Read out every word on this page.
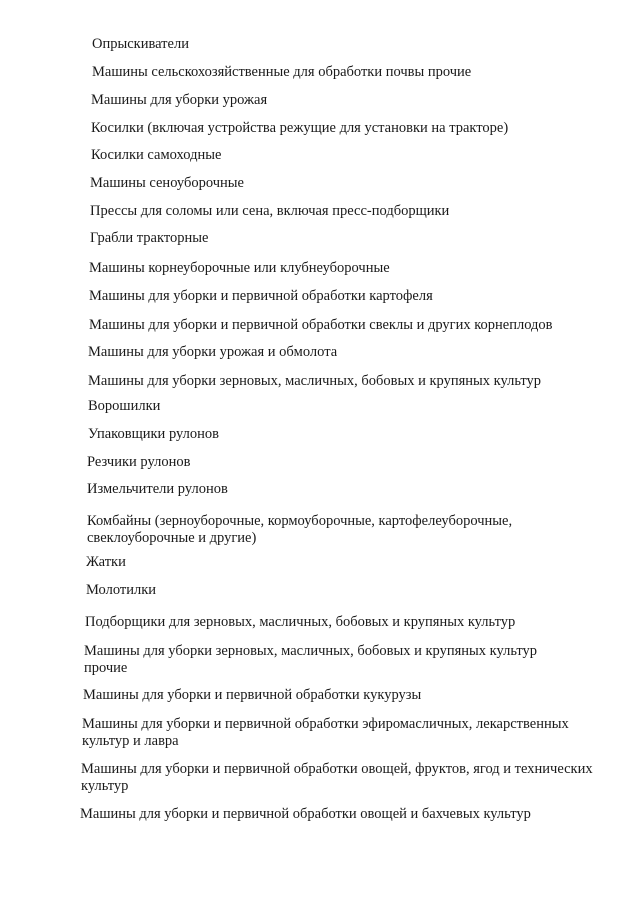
Опрыскиватели

Машины сельскохозяйственные для обработки почвы прочие

Машины для уборки урожая

Косилки (включая устройства режущие для установки на тракторе)

Косилки самоходные

Машины сеноуборочные

Прессы для соломы или сена, включая пресс-подборщики

Грабли тракторные

Машины корнеуборочные или клубнеуборочные

Машины для уборки и первичной обработки картофеля

Машины для уборки и первичной обработки свеклы и других корнеплодов

Машины для уборки урожая и обмолота

Машины для уборки зерновых, масличных, бобовых и крупяных культур

Ворошилки

Упаковщики рулонов

Резчики рулонов

Измельчители рулонов

Комбайны (зерноуборочные, кормоуборочные, картофелеуборочные, свеклоуборочные и другие)

Жатки

Молотилки

Подборщики для зерновых, масличных, бобовых и крупяных культур

Машины для уборки зерновых, масличных, бобовых и крупяных культур прочие

Машины для уборки и первичной обработки кукурузы

Машины для уборки и первичной обработки эфиромасличных, лекарственных культур и лавра

Машины для уборки и первичной обработки овощей, фруктов, ягод и технических культур

Машины для уборки и первичной обработки овощей и бахчевых культур
